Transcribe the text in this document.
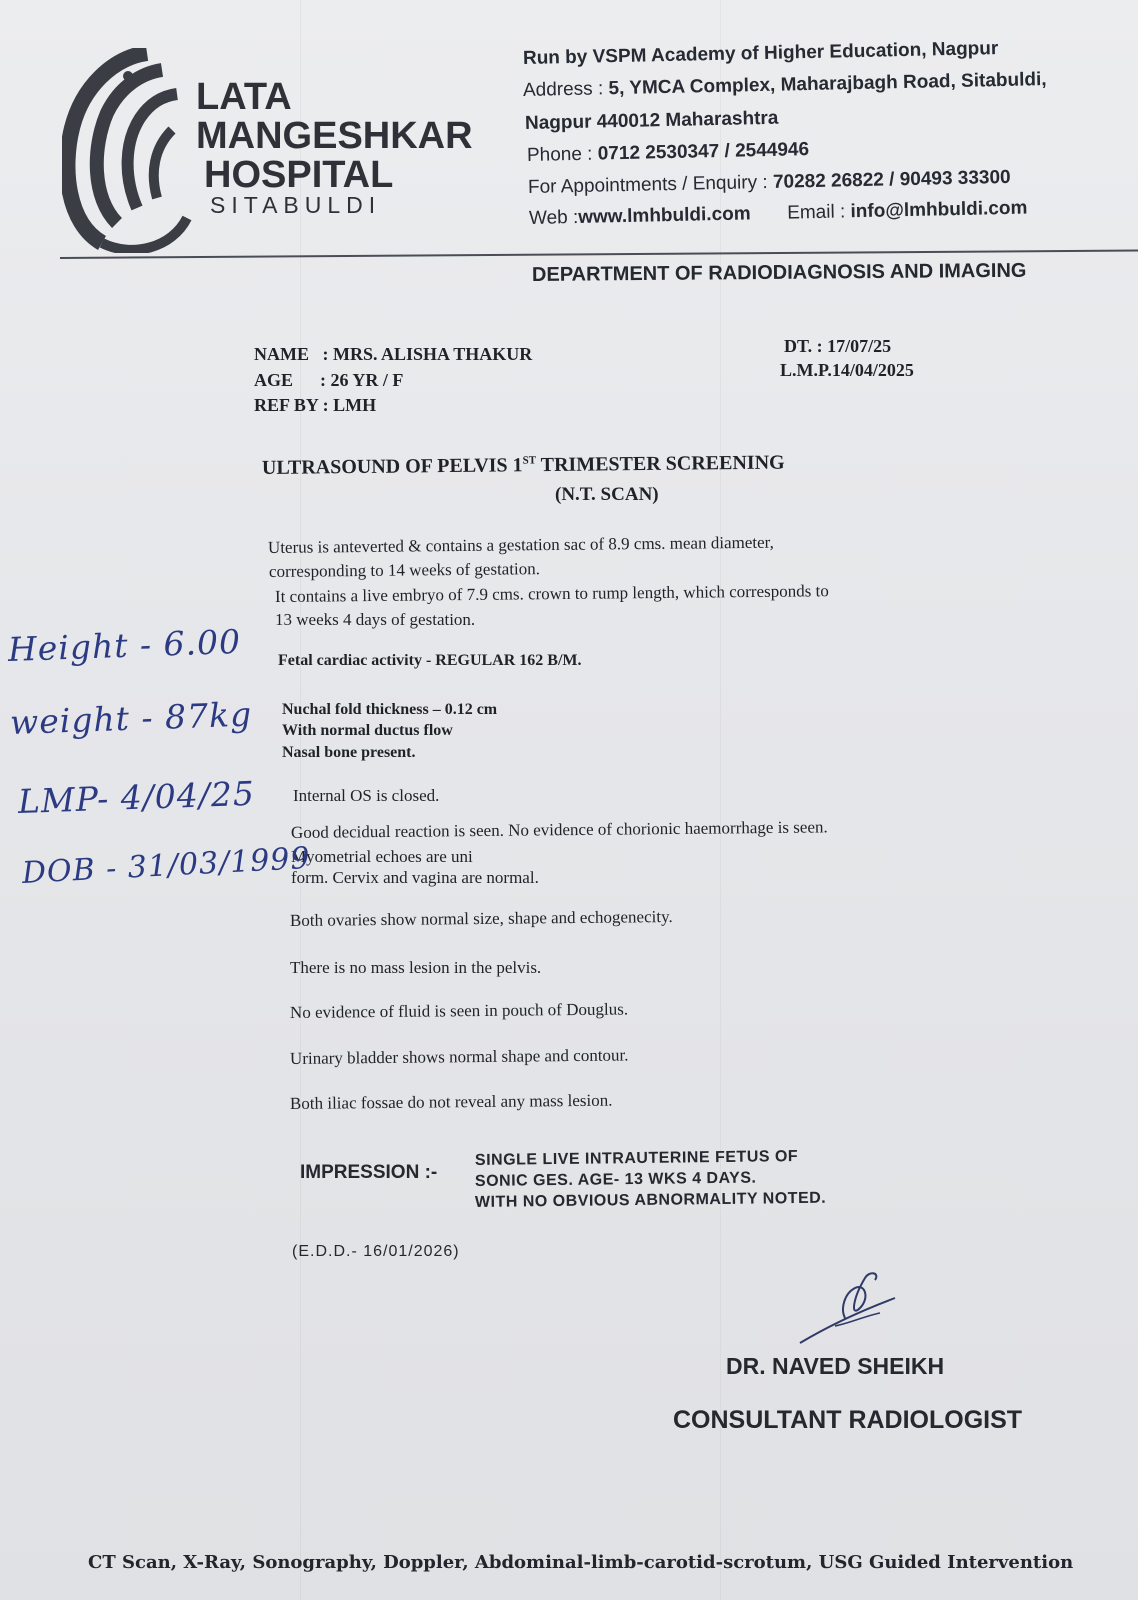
LATA
MANGESHKAR
HOSPITAL
SITABULDI
Run by VSPM Academy of Higher Education, Nagpur
Address : 5, YMCA Complex, Maharajbagh Road, Sitabuldi,
Nagpur 440012 Maharashtra
Phone : 0712 2530347 / 2544946
For Appointments / Enquiry : 70282 26822 / 90493 33300
Web :www.lmhbuldi.com Email : info@lmhbuldi.com
DEPARTMENT OF RADIODIAGNOSIS AND IMAGING
NAME : MRS. ALISHA THAKUR
AGE : 26 YR / F
REF BY : LMH
DT. : 17/07/25
L.M.P.14/04/2025
ULTRASOUND OF PELVIS 1ST TRIMESTER SCREENING
(N.T. SCAN)
Uterus is anteverted & contains a gestation sac of 8.9 cms. mean diameter,
corresponding to 14 weeks of gestation.
It contains a live embryo of 7.9 cms. crown to rump length, which corresponds to
13 weeks 4 days of gestation.
Fetal cardiac activity - REGULAR 162 B/M.
Nuchal fold thickness – 0.12 cm
With normal ductus flow
Nasal bone present.
Internal OS is closed.
Good decidual reaction is seen. No evidence of chorionic haemorrhage is seen.
Myometrial echoes are uni
form. Cervix and vagina are normal.
Both ovaries show normal size, shape and echogenecity.
There is no mass lesion in the pelvis.
No evidence of fluid is seen in pouch of Douglus.
Urinary bladder shows normal shape and contour.
Both iliac fossae do not reveal any mass lesion.
IMPRESSION :-
SINGLE LIVE INTRAUTERINE FETUS OF
SONIC GES. AGE- 13 WKS 4 DAYS.
WITH NO OBVIOUS ABNORMALITY NOTED.
(E.D.D.- 16/01/2026)
DR. NAVED SHEIKH
CONSULTANT RADIOLOGIST
Height - 6.00
weight - 87kg
LMP- 4/04/25
DOB - 31/03/1999
CT Scan, X-Ray, Sonography, Doppler, Abdominal-limb-carotid-scrotum, USG Guided Intervention
